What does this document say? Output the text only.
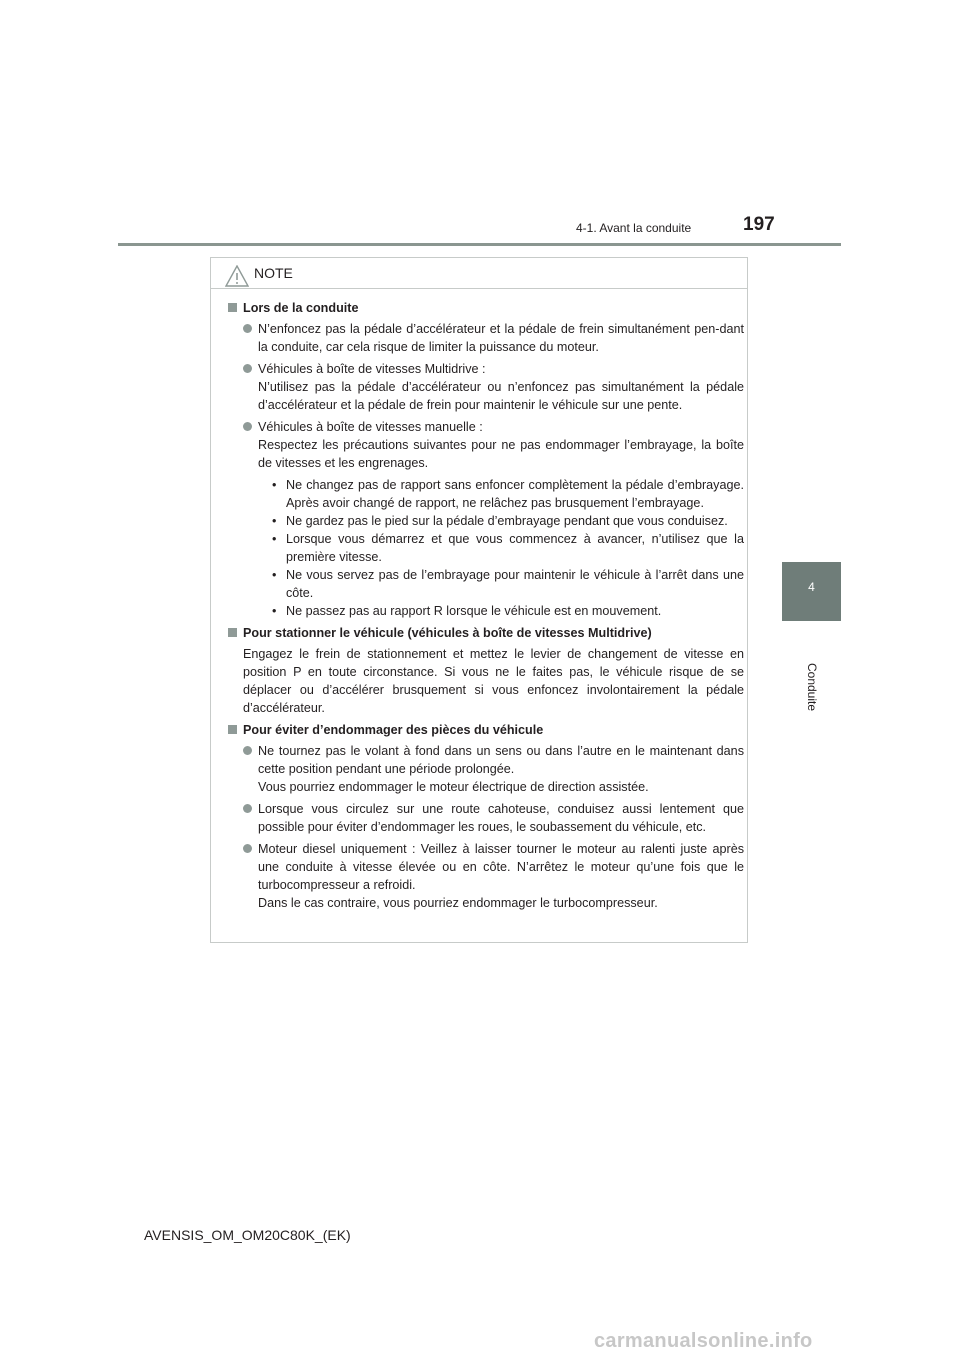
4-1. Avant la conduite	197
4
Conduite
NOTE
Lors de la conduite
N’enfoncez pas la pédale d’accélérateur et la pédale de frein simultanément pen-dant la conduite, car cela risque de limiter la puissance du moteur.
Véhicules à boîte de vitesses Multidrive :
N’utilisez pas la pédale d’accélérateur ou n’enfoncez pas simultanément la pédale d’accélérateur et la pédale de frein pour maintenir le véhicule sur une pente.
Véhicules à boîte de vitesses manuelle :
Respectez les précautions suivantes pour ne pas endommager l’embrayage, la boîte de vitesses et les engrenages.
• Ne changez pas de rapport sans enfoncer complètement la pédale d’embrayage. Après avoir changé de rapport, ne relâchez pas brusquement l’embrayage.
• Ne gardez pas le pied sur la pédale d’embrayage pendant que vous conduisez.
• Lorsque vous démarrez et que vous commencez à avancer, n’utilisez que la première vitesse.
• Ne vous servez pas de l’embrayage pour maintenir le véhicule à l’arrêt dans une côte.
• Ne passez pas au rapport R lorsque le véhicule est en mouvement.
Pour stationner le véhicule (véhicules à boîte de vitesses Multidrive)
Engagez le frein de stationnement et mettez le levier de changement de vitesse en position P en toute circonstance. Si vous ne le faites pas, le véhicule risque de se déplacer ou d’accélérer brusquement si vous enfoncez involontairement la pédale d’accélérateur.
Pour éviter d’endommager des pièces du véhicule
Ne tournez pas le volant à fond dans un sens ou dans l’autre en le maintenant dans cette position pendant une période prolongée.
Vous pourriez endommager le moteur électrique de direction assistée.
Lorsque vous circulez sur une route cahoteuse, conduisez aussi lentement que possible pour éviter d’endommager les roues, le soubassement du véhicule, etc.
Moteur diesel uniquement : Veillez à laisser tourner le moteur au ralenti juste après une conduite à vitesse élevée ou en côte. N’arrêtez le moteur qu’une fois que le turbocompresseur a refroidi.
Dans le cas contraire, vous pourriez endommager le turbocompresseur.
AVENSIS_OM_OM20C80K_(EK)
carmanualsonline.info
